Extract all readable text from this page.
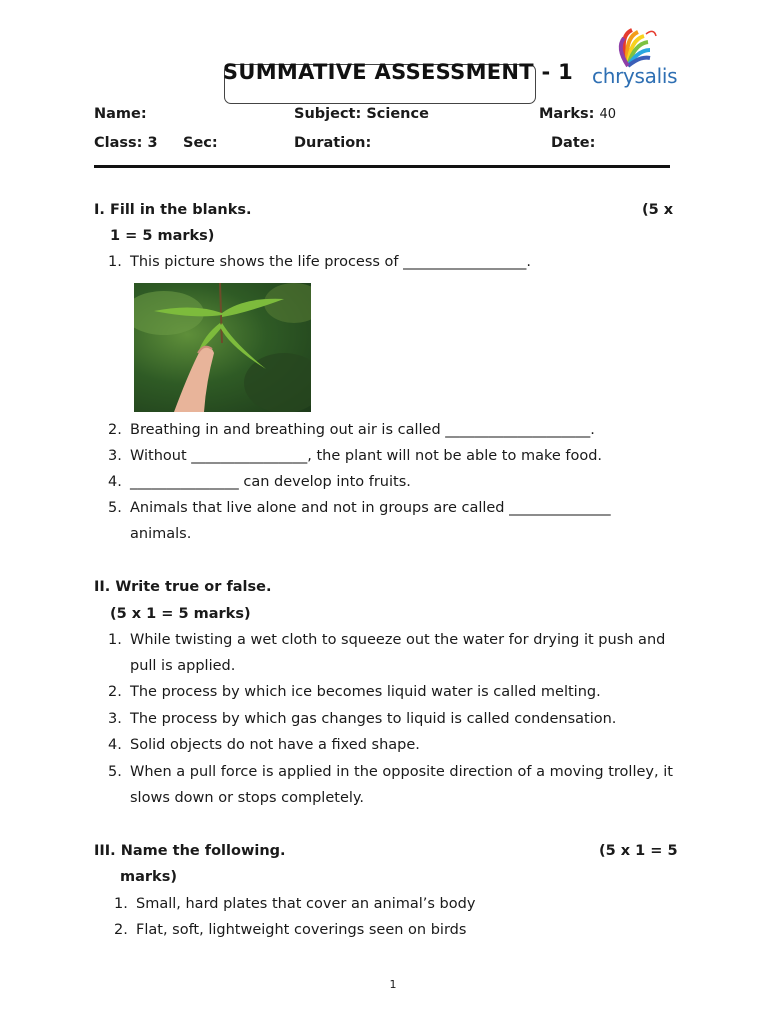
SUMMATIVE ASSESSMENT - 1 chrysalis
Name:	Subject: Science	Marks: 40
Class: 3 Sec:	Duration:	Date:
I. Fill in the blanks.	(5 x
1 = 5 marks)
1. This picture shows the life process of _________________.
2. Breathing in and breathing out air is called ____________________.
3. Without ________________, the plant will not be able to make food.
4. _______________ can develop into fruits.
5. Animals that live alone and not in groups are called ______________
animals.
II. Write true or false.
(5 x 1 = 5 marks)
1. While twisting a wet cloth to squeeze out the water for drying it push and
pull is applied.
2. The process by which ice becomes liquid water is called melting.
3. The process by which gas changes to liquid is called condensation.
4. Solid objects do not have a fixed shape.
5. When a pull force is applied in the opposite direction of a moving trolley, it
slows down or stops completely.
III. Name the following.	(5 x 1 = 5
marks)
1. Small, hard plates that cover an animal’s body
2. Flat, soft, lightweight coverings seen on birds
1
